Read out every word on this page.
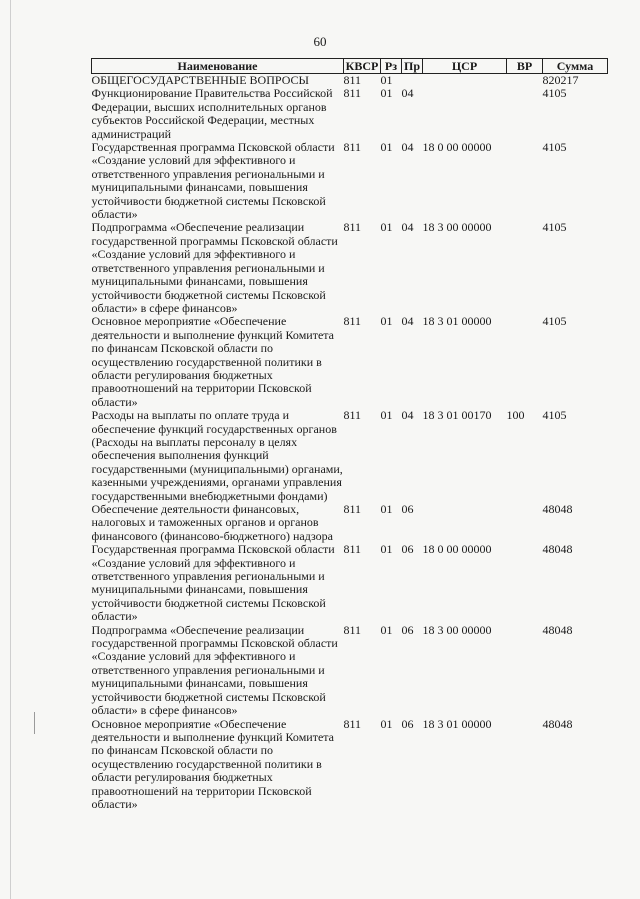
60
Наименование	КВСР	Рз	Пр	ЦСР	ВР	Сумма
ОБЩЕГОСУДАРСТВЕННЫЕ ВОПРОСЫ	811	01				820217
Функционирование Правительства Российской Федерации, высших исполнительных органов субъектов Российской Федерации, местных администраций	811	01	04			4105
Государственная программа Псковской области «Создание условий для эффективного и ответственного управления региональными и муниципальными финансами, повышения устойчивости бюджетной системы Псковской области»	811	01	04	18 0 00 00000		4105
Подпрограмма «Обеспечение реализации государственной программы Псковской области «Создание условий для эффективного и ответственного управления региональными и муниципальными финансами, повышения устойчивости бюджетной системы Псковской области» в сфере финансов»	811	01	04	18 3 00 00000		4105
Основное мероприятие «Обеспечение деятельности и выполнение функций Комитета по финансам Псковской области по осуществлению государственной политики в области регулирования бюджетных правоотношений на территории Псковской области»	811	01	04	18 3 01 00000		4105
Расходы на выплаты по оплате труда и обеспечение функций государственных органов (Расходы на выплаты персоналу в целях обеспечения выполнения функций государственными (муниципальными) органами, казенными учреждениями, органами управления государственными внебюджетными фондами)	811	01	04	18 3 01 00170	100	4105
Обеспечение деятельности финансовых, налоговых и таможенных органов и органов финансового (финансово-бюджетного) надзора	811	01	06			48048
Государственная программа Псковской области «Создание условий для эффективного и ответственного управления региональными и муниципальными финансами, повышения устойчивости бюджетной системы Псковской области»	811	01	06	18 0 00 00000		48048
Подпрограмма «Обеспечение реализации государственной программы Псковской области «Создание условий для эффективного и ответственного управления региональными и муниципальными финансами, повышения устойчивости бюджетной системы Псковской области» в сфере финансов»	811	01	06	18 3 00 00000		48048
Основное мероприятие «Обеспечение деятельности и выполнение функций Комитета по финансам Псковской области по осуществлению государственной политики в области регулирования бюджетных правоотношений на территории Псковской области»	811	01	06	18 3 01 00000		48048
